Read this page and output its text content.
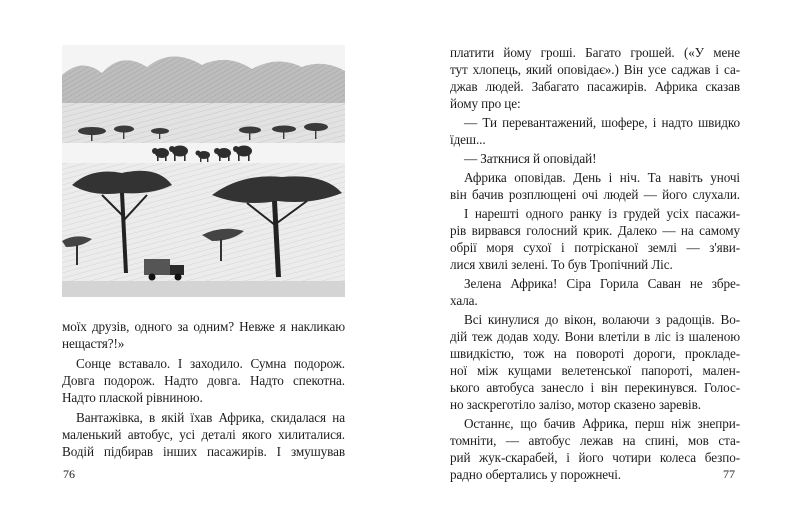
моїх друзів, одного за одним? Невже я накликаю
нещастя?!»
Сонце вставало. І заходило. Сумна подорож.
Довга подорож. Надто довга. Надто спекотна.
Надто плаской рівниною.
Вантажівка, в якій їхав Африка, скидалася на
маленький автобус, усі деталі якого хилиталися.
Водій підбирав інших пасажирів. І змушував
76
платити йому гроші. Багато грошей. («У мене
тут хлопець, який оповідає».) Він усе саджав і са-
джав людей. Забагато пасажирів. Африка сказав
йому про це:
— Ти перевантажений, шоферe, і надто швидко
їдеш...
— Заткнися й оповідай!
Африка оповідав. День і ніч. Та навіть уночі
він бачив розплющені очі людей — його слухали.
І нарешті одного ранку із грудей усіх пасажи-
рів вирвався голосний крик. Далеко — на самому
обрії моря сухої і потрісканої землі — з'яви-
лися хвилі зелені. То був Тропічний Ліс.
Зелена Африка! Сіра Горила Саван не збре-
хала.
Всі кинулися до вікон, волаючи з радощів. Во-
дій теж додав ходу. Вони влетіли в ліс із шаленою
швидкістю, тож на повороті дороги, прокладе-
ної між кущами велетенської папороті, мален-
ького автобуса занесло і він перекинувся. Голос-
но заскреготіло залізо, мотор сказено заревів.
Останнє, що бачив Африка, перш ніж знепри-
томніти, — автобус лежав на спині, мов ста-
рий жук-скарабей, і його чотири колеса безпо-
радно обертались у порожнечі.	77
